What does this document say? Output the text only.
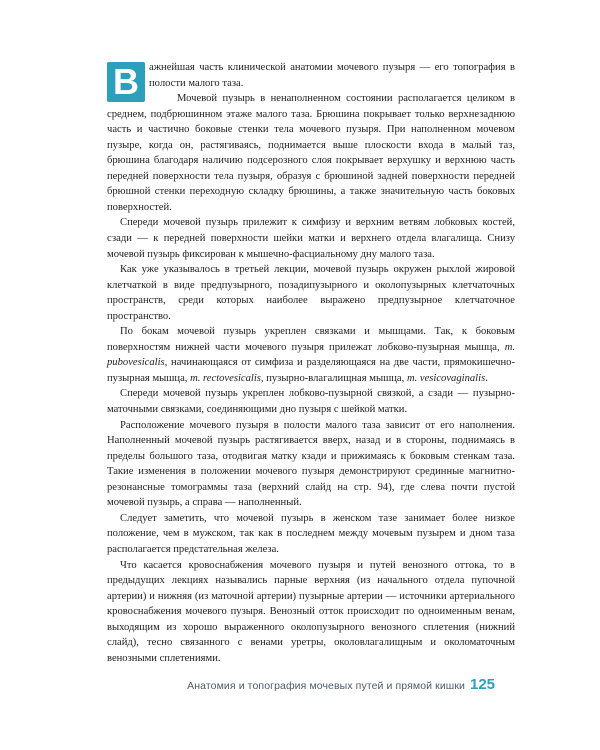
В ажнейшая часть клинической анатомии мочевого пузыря — его топография в полости малого таза.
Мочевой пузырь в ненаполненном состоянии располагается целиком в среднем, подбрюшинном этаже малого таза. Брюшина покрывает только верхнезаднюю часть и частично боковые стенки тела мочевого пузыря. При наполненном мочевом пузыре, когда он, растягиваясь, поднимается выше плоскости входа в малый таз, брюшина благодаря наличию подсерозного слоя покрывает верхушку и верхнюю часть передней поверхности тела пузыря, образуя с брюшиной задней поверхности передней брюшной стенки переходную складку брюшины, а также значительную часть боковых поверхностей.

Спереди мочевой пузырь прилежит к симфизу и верхним ветвям лобковых костей, сзади — к передней поверхности шейки матки и верхнего отдела влагалища. Снизу мочевой пузырь фиксирован к мышечно-фасциальному дну малого таза.

Как уже указывалось в третьей лекции, мочевой пузырь окружен рыхлой жировой клетчаткой в виде предпузырного, позадипузырного и околопузырных клетчаточных пространств, среди которых наиболее выражено предпузырное клетчаточное пространство.

По бокам мочевой пузырь укреплен связками и мышцами. Так, к боковым поверхностям нижней части мочевого пузыря прилежат лобково-пузырная мышца, m. pubovesicalis, начинающаяся от симфиза и разделяющаяся на две части, прямокишечно-пузырная мышца, m. rectovesicalis, пузырно-влагалищная мышца, m. vesicovaginalis.

Спереди мочевой пузырь укреплен лобково-пузырной связкой, а сзади — пузырно-маточными связками, соединяющими дно пузыря с шейкой матки.

Расположение мочевого пузыря в полости малого таза зависит от его наполнения. Наполненный мочевой пузырь растягивается вверх, назад и в стороны, поднимаясь в пределы большого таза, отодвигая матку кзади и прижимаясь к боковым стенкам таза. Такие изменения в положении мочевого пузыря демонстрируют срединные магнитно-резонансные томограммы таза (верхний слайд на стр. 94), где слева почти пустой мочевой пузырь, а справа — наполненный.

Следует заметить, что мочевой пузырь в женском тазе занимает более низкое положение, чем в мужском, так как в последнем между мочевым пузырем и дном таза располагается предстательная железа.

Что касается кровоснабжения мочевого пузыря и путей венозного оттока, то в предыдущих лекциях назывались парные верхняя (из начального отдела пупочной артерии) и нижняя (из маточной артерии) пузырные артерии — источники артериального кровоснабжения мочевого пузыря. Венозный отток происходит по одноименным венам, выходящим из хорошо выраженного околопузырного венозного сплетения (нижний слайд), тесно связанного с венами уретры, околовлагалищным и околоматочным венозными сплетениями.

Анатомия и топография мочевых путей и прямой кишки 125
